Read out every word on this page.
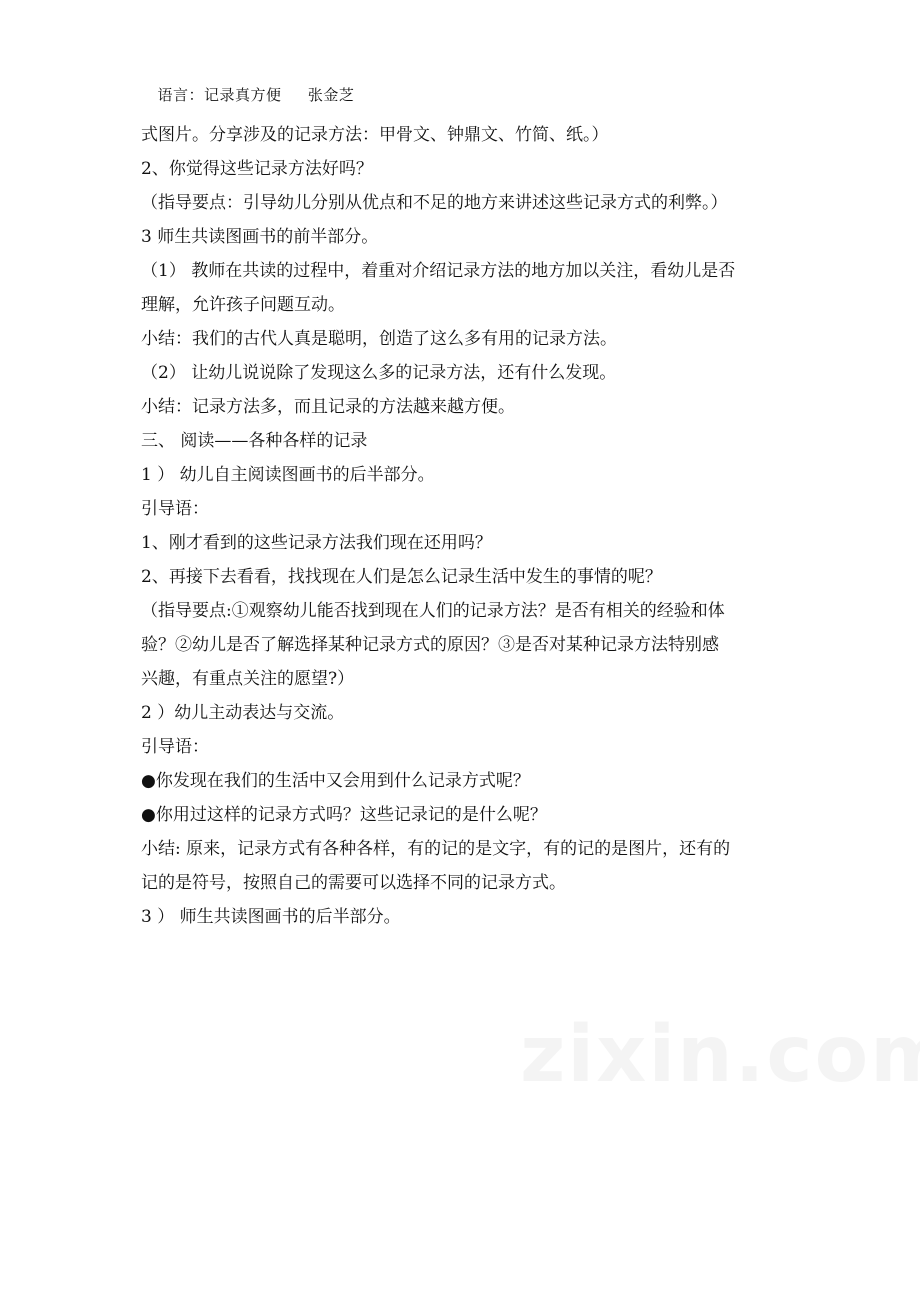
语言：记录真方便 张金芝

式图片。分享涉及的记录方法：甲骨文、钟鼎文、竹简、纸。）
2、你觉得这些记录方法好吗？
（指导要点：引导幼儿分别从优点和不足的地方来讲述这些记录方式的利弊。）
3 师生共读图画书的前半部分。
（1） 教师在共读的过程中，着重对介绍记录方法的地方加以关注，看幼儿是否
理解，允许孩子问题互动。
小结：我们的古代人真是聪明，创造了这么多有用的记录方法。
（2） 让幼儿说说除了发现这么多的记录方法，还有什么发现。
小结：记录方法多，而且记录的方法越来越方便。
三、 阅读——各种各样的记录
1 ） 幼儿自主阅读图画书的后半部分。
引导语：
1、刚才看到的这些记录方法我们现在还用吗？
2、再接下去看看，找找现在人们是怎么记录生活中发生的事情的呢？
（指导要点:①观察幼儿能否找到现在人们的记录方法？是否有相关的经验和体
验？②幼儿是否了解选择某种记录方式的原因？③是否对某种记录方法特别感
兴趣，有重点关注的愿望?）
2 ）幼儿主动表达与交流。
引导语：
●你发现在我们的生活中又会用到什么记录方式呢？
●你用过这样的记录方式吗？这些记录记的是什么呢？
小结: 原来，记录方式有各种各样，有的记的是文字，有的记的是图片，还有的
记的是符号，按照自己的需要可以选择不同的记录方式。
3 ） 师生共读图画书的后半部分。
